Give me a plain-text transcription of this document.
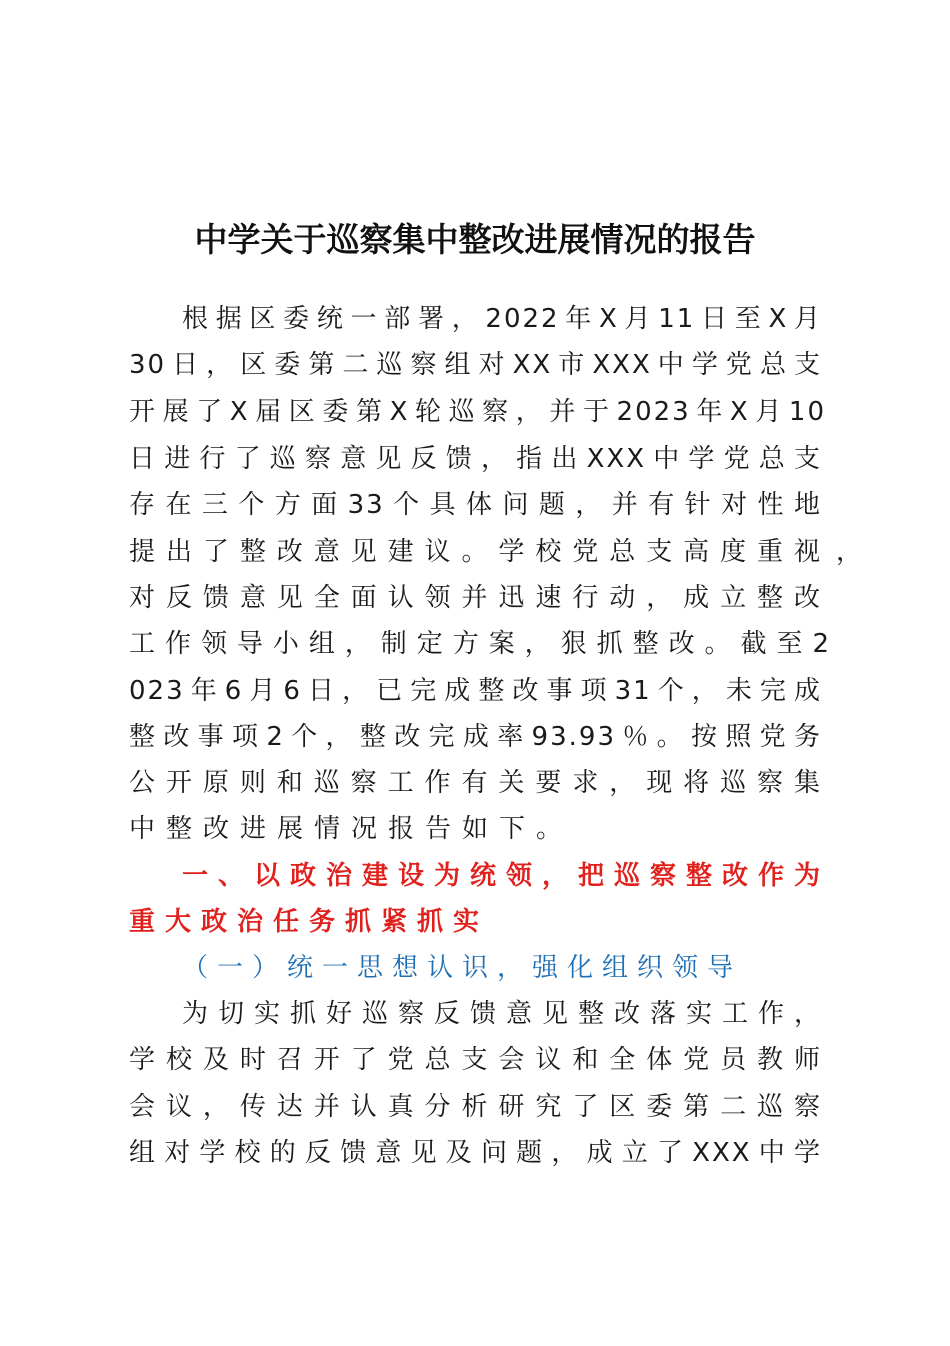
中学关于巡察集中整改进展情况的报告
根据区委统一部署，2022年X月11日至X月
30日，区委第二巡察组对XX市XXX中学党总支
开展了X届区委第X轮巡察，并于2023年X月10
日进行了巡察意见反馈，指出XXX中学党总支
存在三个方面33个具体问题，并有针对性地
提出了整改意见建议。学校党总支高度重视 ，
对反馈意见全面认领并迅速行动，成立整改
工作领导小组，制定方案，狠抓整改。截至2
023年6月6日，已完成整改事项31个，未完成
整改事项2个，整改完成率93.93％。按照党务
公开原则和巡察工作有关要求，现将巡察集
中整改进展情况报告如下。
一、以政治建设为统领，把巡察整改作为
重大政治任务抓紧抓实
（一）统一思想认识，强化组织领导
为切实抓好巡察反馈意见整改落实工作，
学校及时召开了党总支会议和全体党员教师
会议，传达并认真分析研究了区委第二巡察
组对学校的反馈意见及问题，成立了XXX中学
